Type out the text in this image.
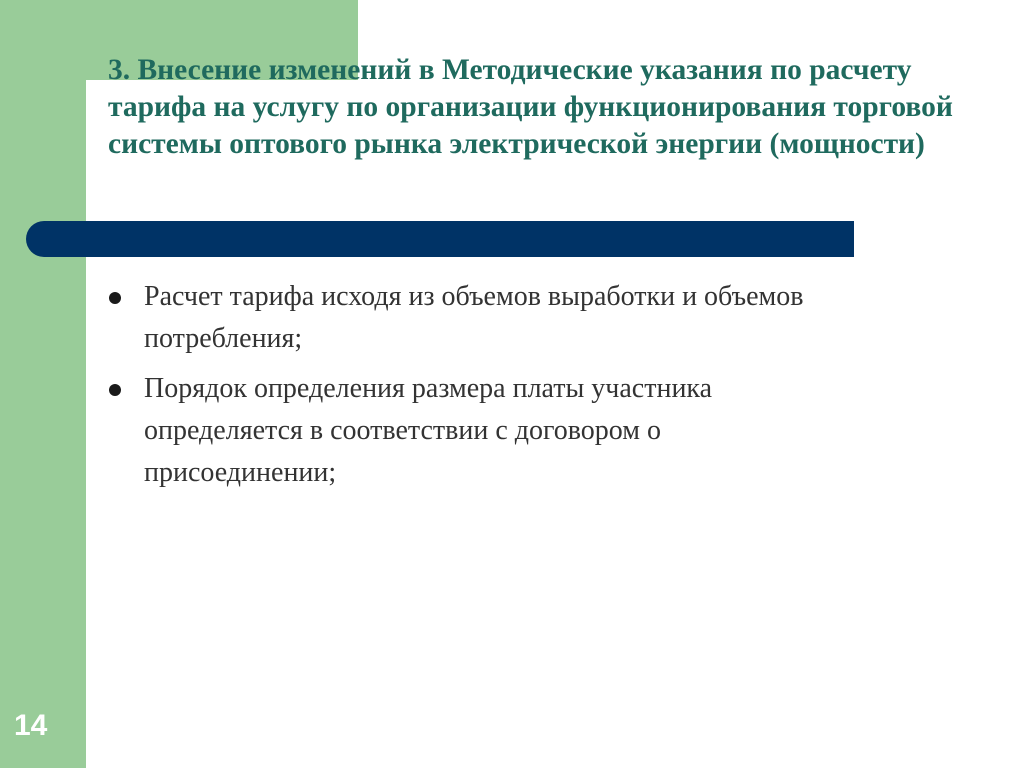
3. Внесение изменений в Методические указания по расчету тарифа на услугу по организации функционирования торговой системы оптового рынка электрической энергии (мощности)
Расчет тарифа исходя из объемов выработки и объемов потребления;
Порядок определения размера платы участника определяется в соответствии с договором о присоединении;
14
